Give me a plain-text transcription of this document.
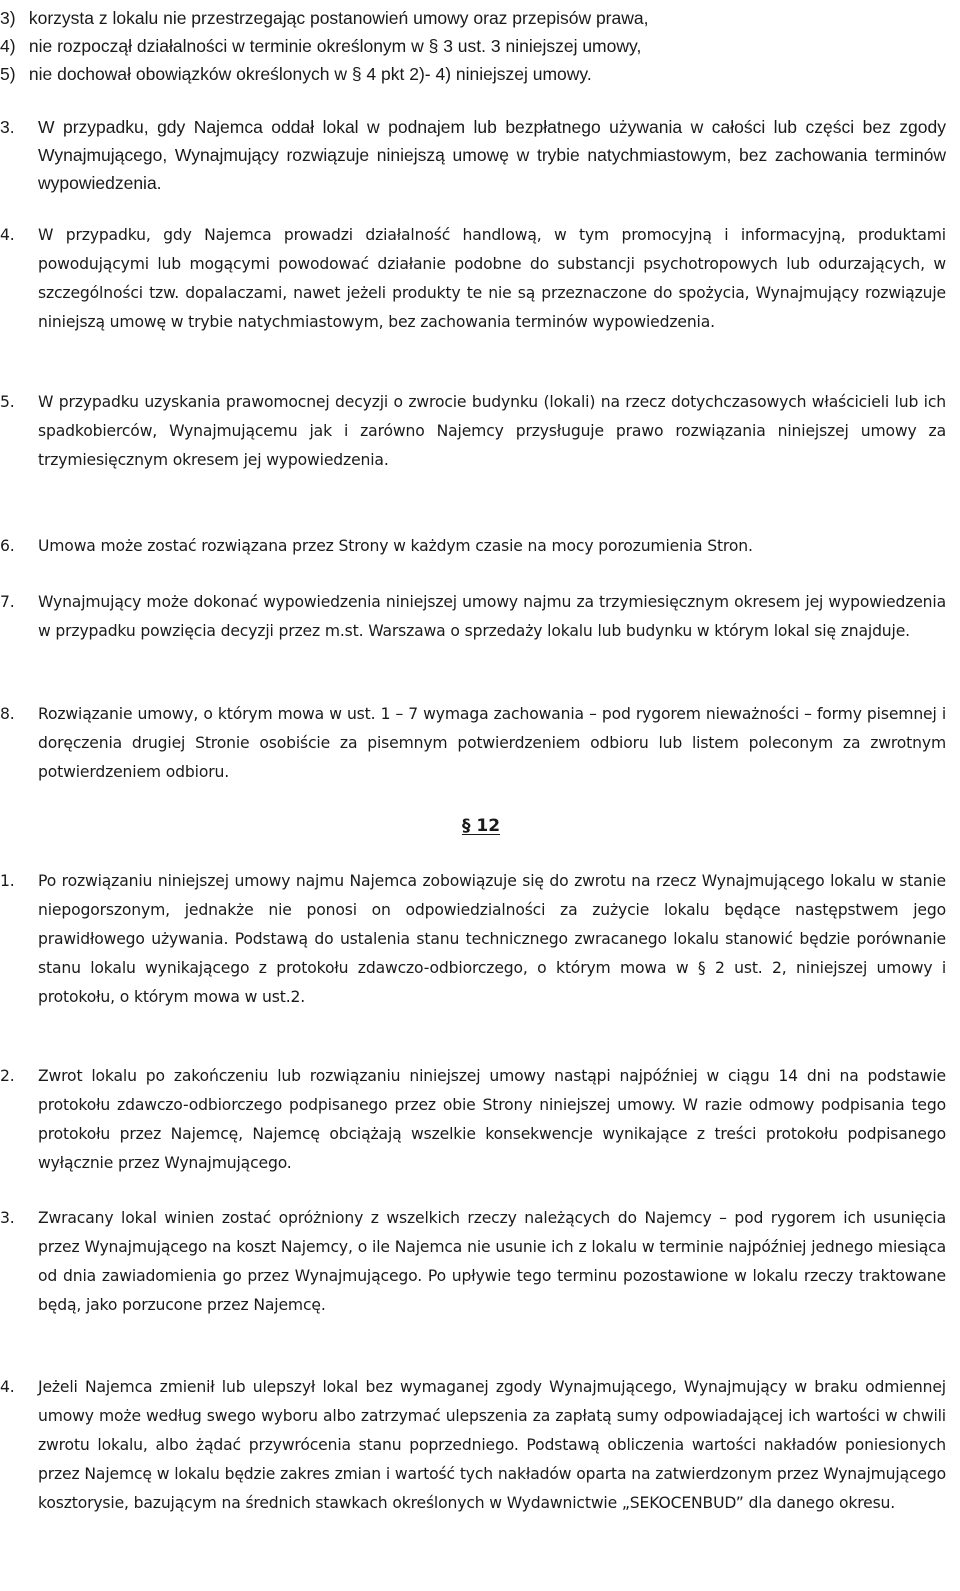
3) korzysta z lokalu nie przestrzegając postanowień umowy oraz przepisów prawa,
4) nie rozpoczął działalności w terminie określonym w § 3 ust. 3 niniejszej umowy,
5) nie dochował obowiązków określonych w § 4 pkt 2)- 4) niniejszej umowy.
3.	W przypadku, gdy Najemca oddał lokal w podnajem lub bezpłatnego używania w całości lub części bez zgody Wynajmującego, Wynajmujący rozwiązuje niniejszą umowę w trybie natychmiastowym, bez zachowania terminów wypowiedzenia.
4.	W przypadku, gdy Najemca prowadzi działalność handlową, w tym promocyjną i informacyjną, produktami powodującymi lub mogącymi powodować działanie podobne do substancji psychotropowych lub odurzających, w szczególności tzw. dopalaczami, nawet jeżeli produkty te nie są przeznaczone do spożycia, Wynajmujący rozwiązuje niniejszą umowę w trybie natychmiastowym, bez zachowania terminów wypowiedzenia.
5.	W przypadku uzyskania prawomocnej decyzji o zwrocie budynku (lokali) na rzecz dotychczasowych właścicieli lub ich spadkobierców, Wynajmującemu jak i zarówno Najemcy przysługuje prawo rozwiązania niniejszej umowy za trzymiesięcznym okresem jej wypowiedzenia.
6.	Umowa może zostać rozwiązana przez Strony w każdym czasie na mocy porozumienia Stron.
7.	Wynajmujący może dokonać wypowiedzenia niniejszej umowy najmu za trzymiesięcznym okresem jej wypowiedzenia w przypadku powzięcia decyzji przez m.st. Warszawa o sprzedaży lokalu lub budynku w którym lokal się znajduje.
8.	Rozwiązanie umowy, o którym mowa w ust. 1 – 7 wymaga zachowania – pod rygorem nieważności – formy pisemnej i doręczenia drugiej Stronie osobiście za pisemnym potwierdzeniem odbioru lub listem poleconym za zwrotnym potwierdzeniem odbioru.
§ 12
1.	Po rozwiązaniu niniejszej umowy najmu Najemca zobowiązuje się do zwrotu na rzecz Wynajmującego lokalu w stanie niepogorszonym, jednakże nie ponosi on odpowiedzialności za zużycie lokalu będące następstwem jego prawidłowego używania. Podstawą do ustalenia stanu technicznego zwracanego lokalu stanowić będzie porównanie stanu lokalu wynikającego z protokołu zdawczo-odbiorczego, o którym mowa w § 2 ust. 2, niniejszej umowy i protokołu, o którym mowa w ust.2.
2.	Zwrot lokalu po zakończeniu lub rozwiązaniu niniejszej umowy nastąpi najpóźniej w ciągu 14 dni na podstawie protokołu zdawczo-odbiorczego podpisanego przez obie Strony niniejszej umowy. W razie odmowy podpisania tego protokołu przez Najemcę, Najemcę obciążają wszelkie konsekwencje wynikające z treści protokołu podpisanego wyłącznie przez Wynajmującego.
3.	Zwracany lokal winien zostać opróżniony z wszelkich rzeczy należących do Najemcy – pod rygorem ich usunięcia przez Wynajmującego na koszt Najemcy, o ile Najemca nie usunie ich z lokalu w terminie najpóźniej jednego miesiąca od dnia zawiadomienia go przez Wynajmującego. Po upływie tego terminu pozostawione w lokalu rzeczy traktowane będą, jako porzucone przez Najemcę.
4.	Jeżeli Najemca zmienił lub ulepszył lokal bez wymaganej zgody Wynajmującego, Wynajmujący w braku odmiennej umowy może według swego wyboru albo zatrzymać ulepszenia za zapłatą sumy odpowiadającej ich wartości w chwili zwrotu lokalu, albo żądać przywrócenia stanu poprzedniego. Podstawą obliczenia wartości nakładów poniesionych przez Najemcę w lokalu będzie zakres zmian i wartość tych nakładów oparta na zatwierdzonym przez Wynajmującego kosztorysie, bazującym na średnich stawkach określonych w Wydawnictwie „SEKOCENBUD” dla danego okresu.
